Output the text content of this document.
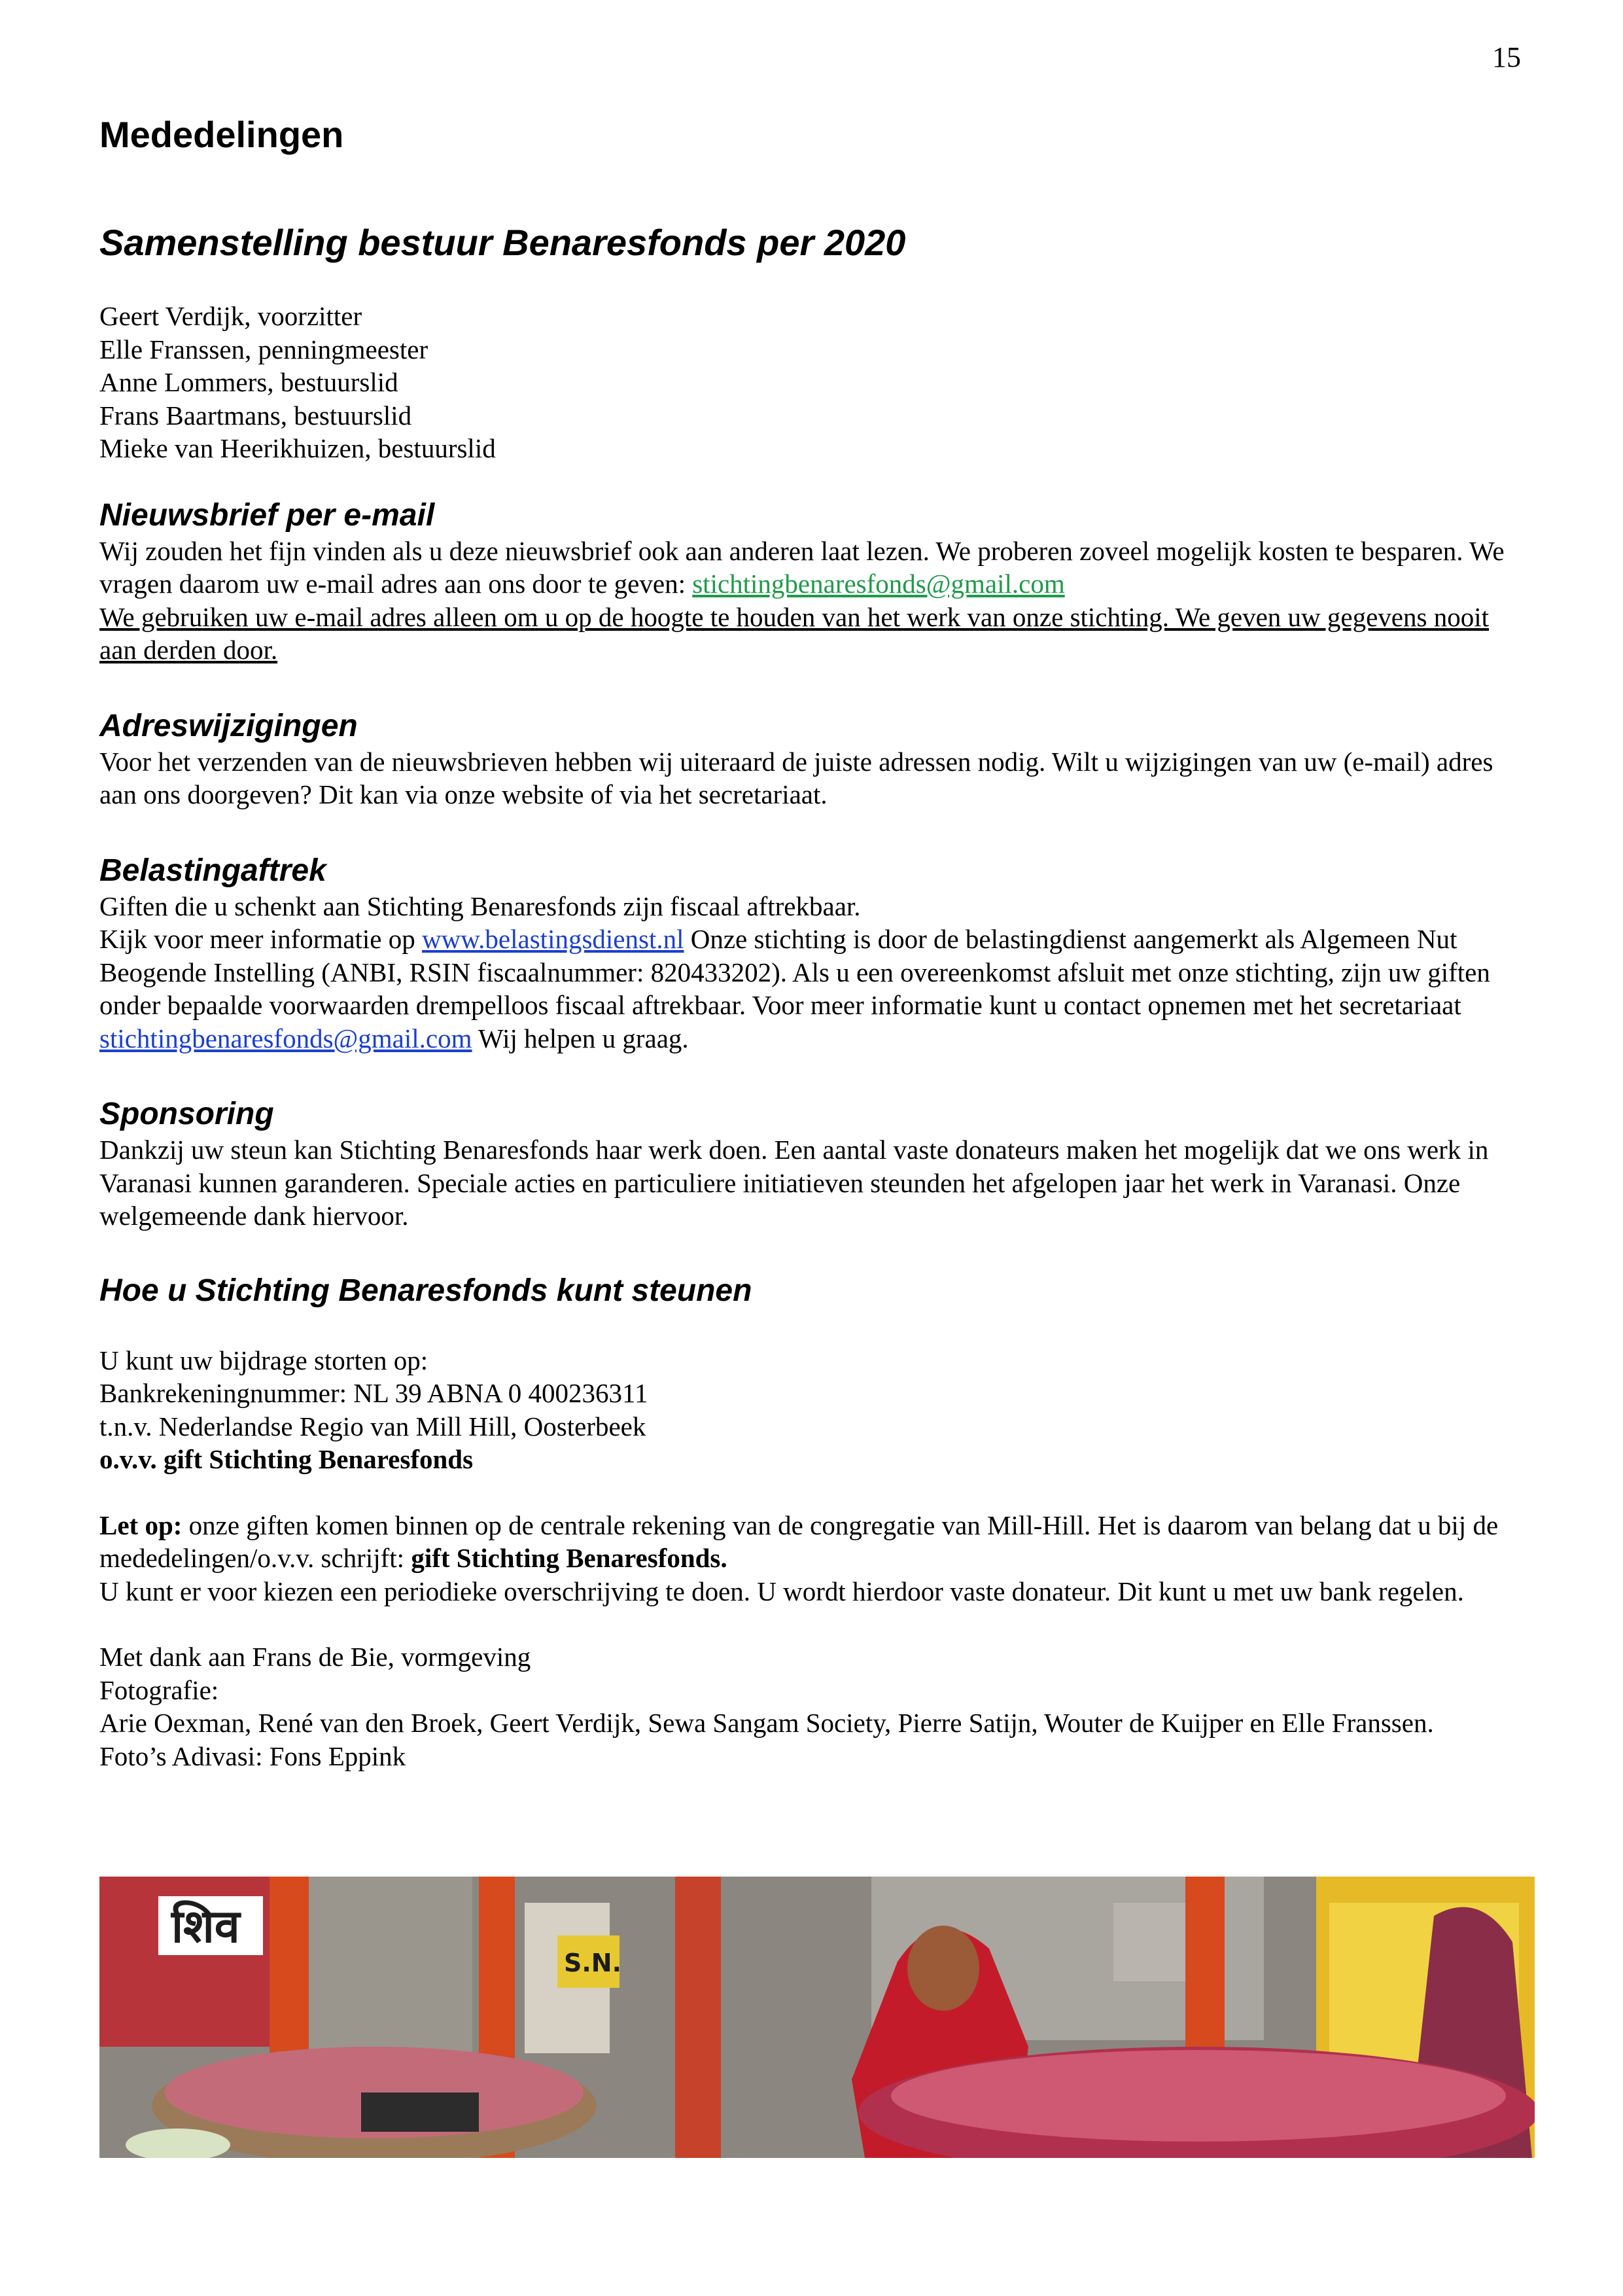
15
Mededelingen
Samenstelling bestuur Benaresfonds per 2020
Geert Verdijk, voorzitter
Elle Franssen, penningmeester
Anne Lommers, bestuurslid
Frans Baartmans, bestuurslid
Mieke van Heerikhuizen, bestuurslid
Nieuwsbrief per e-mail

Wij zouden het fijn vinden als u deze nieuwsbrief ook aan anderen laat lezen. We proberen zoveel mogelijk kosten te besparen. We vragen daarom uw e-mail adres aan ons door te geven: stichtingbenaresfonds@gmail.com

We gebruiken uw e-mail adres alleen om u op de hoogte te houden van het werk van onze stichting. We geven uw gegevens nooit aan derden door.

Adreswijzigingen

Voor het verzenden van de nieuwsbrieven hebben wij uiteraard de juiste adressen nodig. Wilt u wijzigingen van uw (e-mail) adres aan ons doorgeven? Dit kan via onze website of via het secretariaat.

Belastingaftrek

Giften die u schenkt aan Stichting Benaresfonds zijn fiscaal aftrekbaar.

Kijk voor meer informatie op www.belastingsdienst.nl Onze stichting is door de belastingdienst aangemerkt als Algemeen Nut Beogende Instelling (ANBI, RSIN fiscaalnummer: 820433202). Als u een overeenkomst afsluit met onze stichting, zijn uw giften onder bepaalde voorwaarden drempelloos fiscaal aftrekbaar. Voor meer informatie kunt u contact opnemen met het secretariaat stichtingbenaresfonds@gmail.com Wij helpen u graag.

Sponsoring

Dankzij uw steun kan Stichting Benaresfonds haar werk doen. Een aantal vaste donateurs maken het mogelijk dat we ons werk in Varanasi kunnen garanderen. Speciale acties en particuliere initiatieven steunden het afgelopen jaar het werk in Varanasi. Onze welgemeende dank hiervoor.

Hoe u Stichting Benaresfonds kunt steunen
U kunt uw bijdrage storten op:
Bankrekeningnummer: NL 39 ABNA 0 400236311
t.n.v. Nederlandse Regio van Mill Hill, Oosterbeek
o.v.v. gift Stichting Benaresfonds

Let op: onze giften komen binnen op de centrale rekening van de congregatie van Mill-Hill. Het is daarom van belang dat u bij de mededelingen/o.v.v. schrijft: gift Stichting Benaresfonds.

U kunt er voor kiezen een periodieke overschrijving te doen. U wordt hierdoor vaste donateur. Dit kunt u met uw bank regelen.

Met dank aan Frans de Bie, vormgeving

Fotografie:

Arie Oexman, René van den Broek, Geert Verdijk, Sewa Sangam Society, Pierre Satijn, Wouter de Kuijper en Elle Franssen.

Foto’s Adivasi: Fons Eppink

शिव
S.N.
